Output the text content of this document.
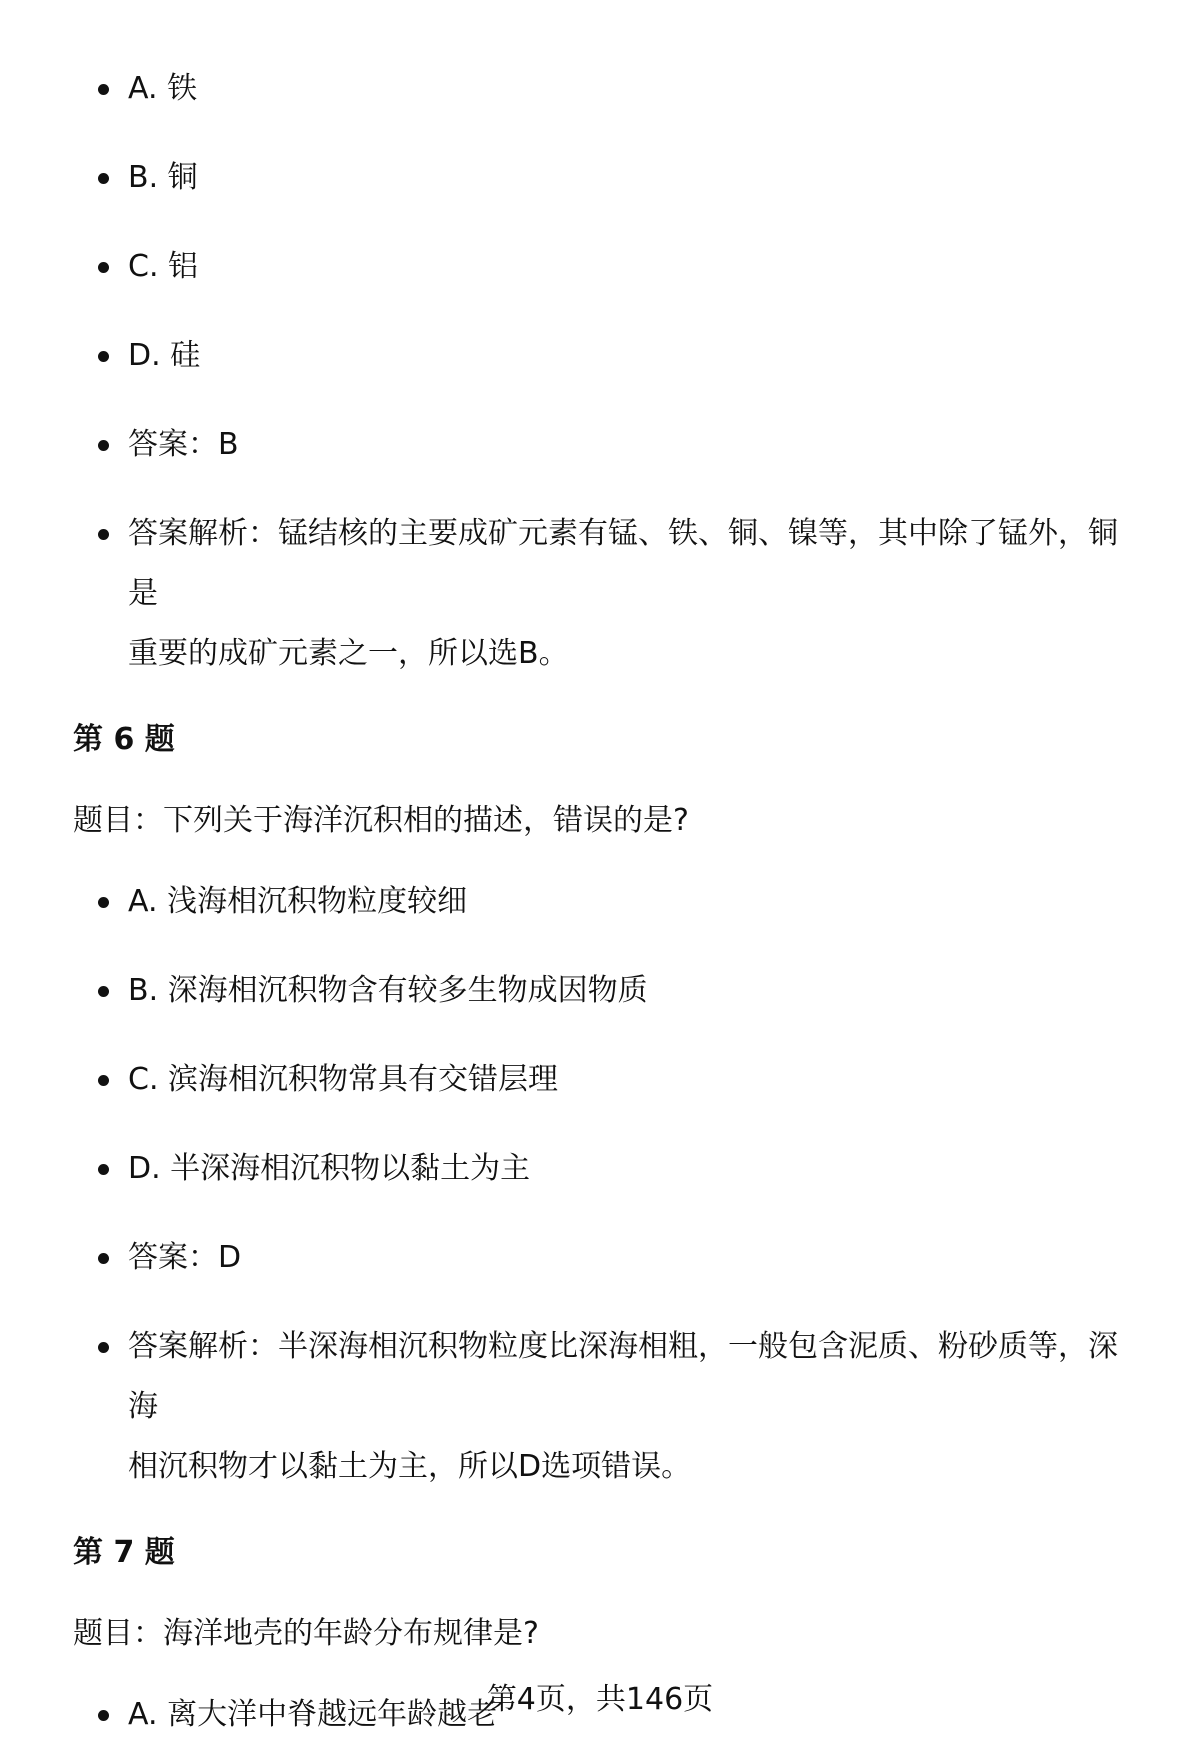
A. 铁
B. 铜
C. 铝
D. 硅
答案：B
答案解析：锰结核的主要成矿元素有锰、铁、铜、镍等，其中除了锰外，铜是
重要的成矿元素之一，所以选B。
第 6 题

题目：下列关于海洋沉积相的描述，错误的是?

A. 浅海相沉积物粒度较细
B. 深海相沉积物含有较多生物成因物质
C. 滨海相沉积物常具有交错层理
D. 半深海相沉积物以黏土为主
答案：D
答案解析：半深海相沉积物粒度比深海相粗，一般包含泥质、粉砂质等，深海
相沉积物才以黏土为主，所以D选项错误。
第 7 题

题目：海洋地壳的年龄分布规律是?

A. 离大洋中脊越远年龄越老
第4页，共146页
